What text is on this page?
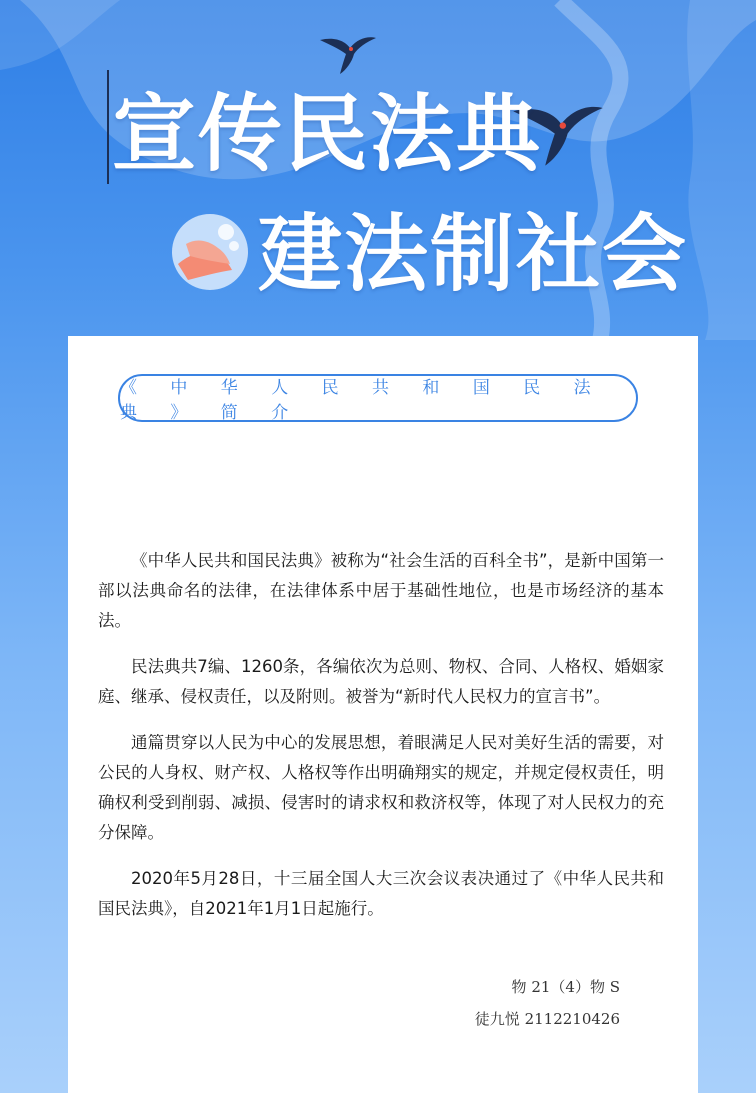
宣传民法典
建法制社会
《 中 华 人 民 共 和 国 民 法 典 》 简 介

《中华人民共和国民法典》被称为“社会生活的百科全书”，是新中国第一部以法典命名的法律，在法律体系中居于基础性地位，也是市场经济的基本法。

民法典共7编、1260条，各编依次为总则、物权、合同、人格权、婚姻家庭、继承、侵权责任，以及附则。被誉为“新时代人民权力的宣言书”。

通篇贯穿以人民为中心的发展思想，着眼满足人民对美好生活的需要，对公民的人身权、财产权、人格权等作出明确翔实的规定，并规定侵权责任，明确权利受到削弱、减损、侵害时的请求权和救济权等，体现了对人民权力的充分保障。

2020年5月28日，十三届全国人大三次会议表决通过了《中华人民共和国民法典》，自2021年1月1日起施行。

物 21（4）物 S
徒九悦 2112210426
